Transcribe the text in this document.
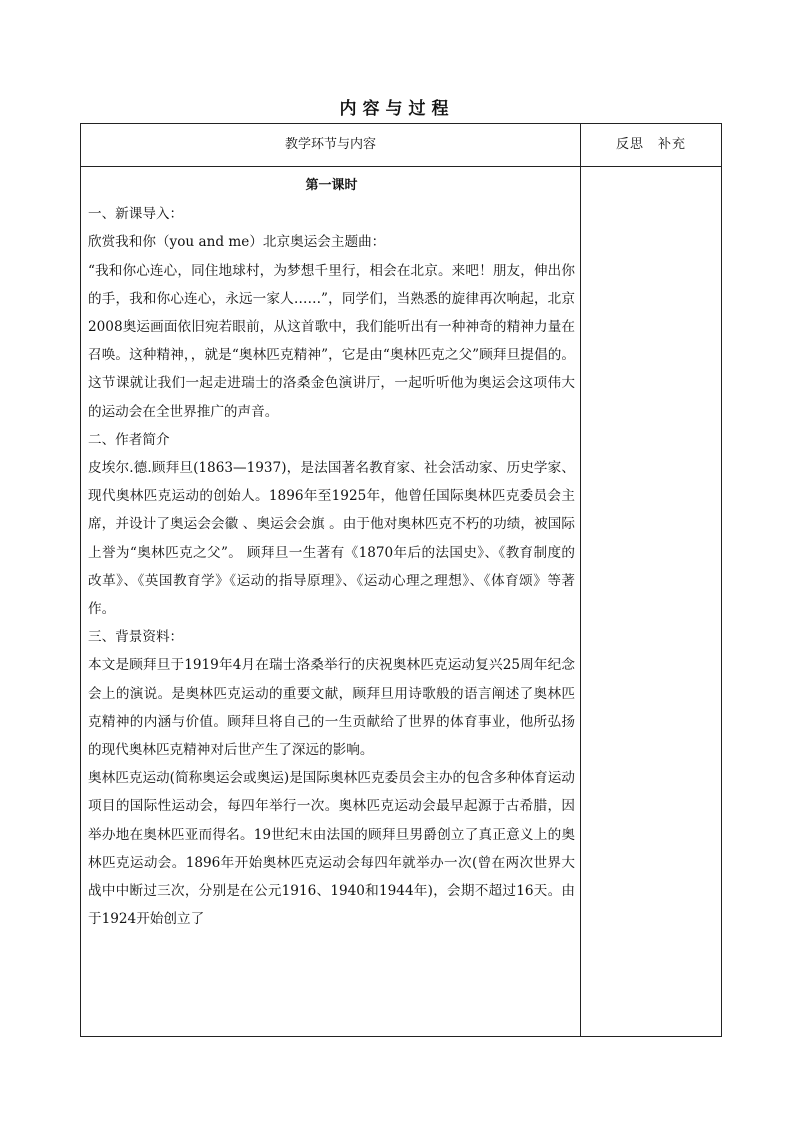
内容与过程
教学环节与内容	反思　补充

第一课时

一、新课导入：

欣赏我和你（you and me）北京奥运会主题曲：

“我和你心连心，同住地球村，为梦想千里行，相会在北京。来吧！朋友，伸出你的手，我和你心连心，永远一家人……”，同学们，当熟悉的旋律再次响起，北京2008奥运画面依旧宛若眼前，从这首歌中，我们能听出有一种神奇的精神力量在召唤。这种精神，，就是“奥林匹克精神”，它是由“奥林匹克之父”顾拜旦提倡的。这节课就让我们一起走进瑞士的洛桑金色演讲厅，一起听听他为奥运会这项伟大的运动会在全世界推广的声音。

二、作者简介

皮埃尔.德.顾拜旦(1863—1937)，是法国著名教育家、社会活动家、历史学家、现代奥林匹克运动的创始人。1896年至1925年，他曾任国际奥林匹克委员会主席，并设计了奥运会会徽 、奥运会会旗 。由于他对奥林匹克不朽的功绩，被国际上誉为“奥林匹克之父”。 顾拜旦一生著有《1870年后的法国史》、《教育制度的改革》、《英国教育学》《运动的指导原理》、《运动心理之理想》、《体育颂》等著作。

三、背景资料：

本文是顾拜旦于1919年4月在瑞士洛桑举行的庆祝奥林匹克运动复兴25周年纪念会上的演说。是奥林匹克运动的重要文献，顾拜旦用诗歌般的语言阐述了奥林匹克精神的内涵与价值。顾拜旦将自己的一生贡献给了世界的体育事业，他所弘扬的现代奥林匹克精神对后世产生了深远的影响。

奥林匹克运动(简称奥运会或奥运)是国际奥林匹克委员会主办的包含多种体育运动项目的国际性运动会，每四年举行一次。奥林匹克运动会最早起源于古希腊，因举办地在奥林匹亚而得名。19世纪末由法国的顾拜旦男爵创立了真正意义上的奥林匹克运动会。1896年开始奥林匹克运动会每四年就举办一次(曾在两次世界大战中中断过三次，分别是在公元1916、1940和1944年)，会期不超过16天。由于1924开始创立了
